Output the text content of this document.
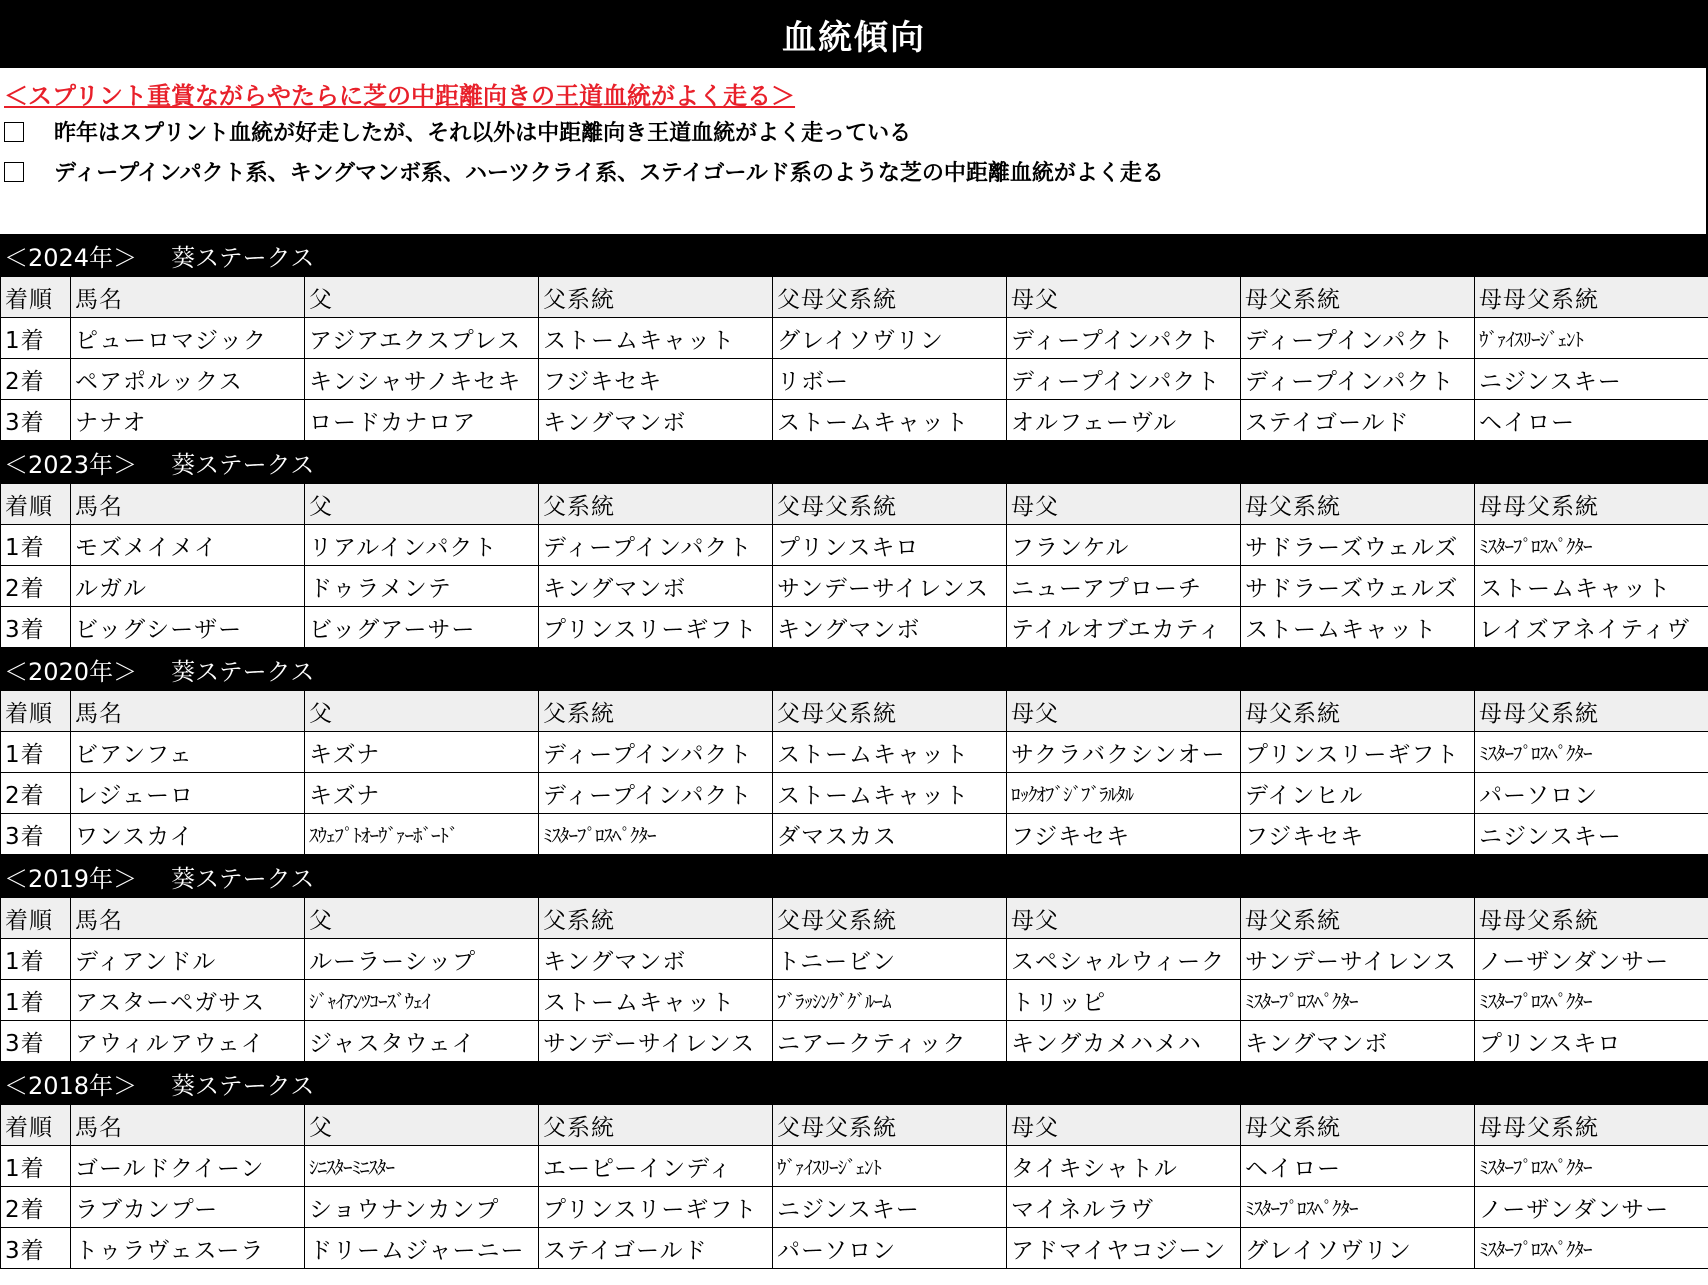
血統傾向
＜スプリント重賞ながらやたらに芝の中距離向きの王道血統がよく走る＞
昨年はスプリント血統が好走したが、それ以外は中距離向き王道血統がよく走っている
ディープインパクト系、キングマンボ系、ハーツクライ系、ステイゴールド系のような芝の中距離血統がよく走る
＜2024年＞ 葵ステークス
着順	馬名	父	父系統	父母父系統	母父	母父系統	母母父系統
1着	ピューロマジック	アジアエクスプレス	ストームキャット	グレイソヴリン	ディープインパクト	ディープインパクト	ｳﾞｧｲｽﾘｰｼﾞｪﾝﾄ
2着	ペアポルックス	キンシャサノキセキ	フジキセキ	リボー	ディープインパクト	ディープインパクト	ニジンスキー
3着	ナナオ	ロードカナロア	キングマンボ	ストームキャット	オルフェーヴル	ステイゴールド	ヘイロー
＜2023年＞ 葵ステークス
着順	馬名	父	父系統	父母父系統	母父	母父系統	母母父系統
1着	モズメイメイ	リアルインパクト	ディープインパクト	プリンスキロ	フランケル	サドラーズウェルズ	ﾐｽﾀｰﾌﾟﾛｽﾍﾟｸﾀｰ
2着	ルガル	ドゥラメンテ	キングマンボ	サンデーサイレンス	ニューアプローチ	サドラーズウェルズ	ストームキャット
3着	ビッグシーザー	ビッグアーサー	プリンスリーギフト	キングマンボ	テイルオブエカティ	ストームキャット	レイズアネイティヴ
＜2020年＞ 葵ステークス
着順	馬名	父	父系統	父母父系統	母父	母父系統	母母父系統
1着	ビアンフェ	キズナ	ディープインパクト	ストームキャット	サクラバクシンオー	プリンスリーギフト	ﾐｽﾀｰﾌﾟﾛｽﾍﾟｸﾀｰ
2着	レジェーロ	キズナ	ディープインパクト	ストームキャット	ﾛｯｸｵﾌﾞｼﾞﾌﾞﾗﾙﾀﾙ	デインヒル	パーソロン
3着	ワンスカイ	ｽｳｪﾌﾟﾄｵｰｳﾞｧｰﾎﾞｰﾄﾞ	ﾐｽﾀｰﾌﾟﾛｽﾍﾟｸﾀｰ	ダマスカス	フジキセキ	フジキセキ	ニジンスキー
＜2019年＞ 葵ステークス
着順	馬名	父	父系統	父母父系統	母父	母父系統	母母父系統
1着	ディアンドル	ルーラーシップ	キングマンボ	トニービン	スペシャルウィーク	サンデーサイレンス	ノーザンダンサー
1着	アスターペガサス	ｼﾞｬｲｱﾝﾂｺｰｽﾞｳｪｲ	ストームキャット	ﾌﾞﾗｯｼﾝｸﾞｸﾞﾙｰﾑ	トリッピ	ﾐｽﾀｰﾌﾟﾛｽﾍﾟｸﾀｰ	ﾐｽﾀｰﾌﾟﾛｽﾍﾟｸﾀｰ
3着	アウィルアウェイ	ジャスタウェイ	サンデーサイレンス	ニアークティック	キングカメハメハ	キングマンボ	プリンスキロ
＜2018年＞ 葵ステークス
着順	馬名	父	父系統	父母父系統	母父	母父系統	母母父系統
1着	ゴールドクイーン	ｼﾆｽﾀｰﾐﾆｽﾀｰ	エーピーインディ	ｳﾞｧｲｽﾘｰｼﾞｪﾝﾄ	タイキシャトル	ヘイロー	ﾐｽﾀｰﾌﾟﾛｽﾍﾟｸﾀｰ
2着	ラブカンプー	ショウナンカンプ	プリンスリーギフト	ニジンスキー	マイネルラヴ	ﾐｽﾀｰﾌﾟﾛｽﾍﾟｸﾀｰ	ノーザンダンサー
3着	トゥラヴェスーラ	ドリームジャーニー	ステイゴールド	パーソロン	アドマイヤコジーン	グレイソヴリン	ﾐｽﾀｰﾌﾟﾛｽﾍﾟｸﾀｰ
